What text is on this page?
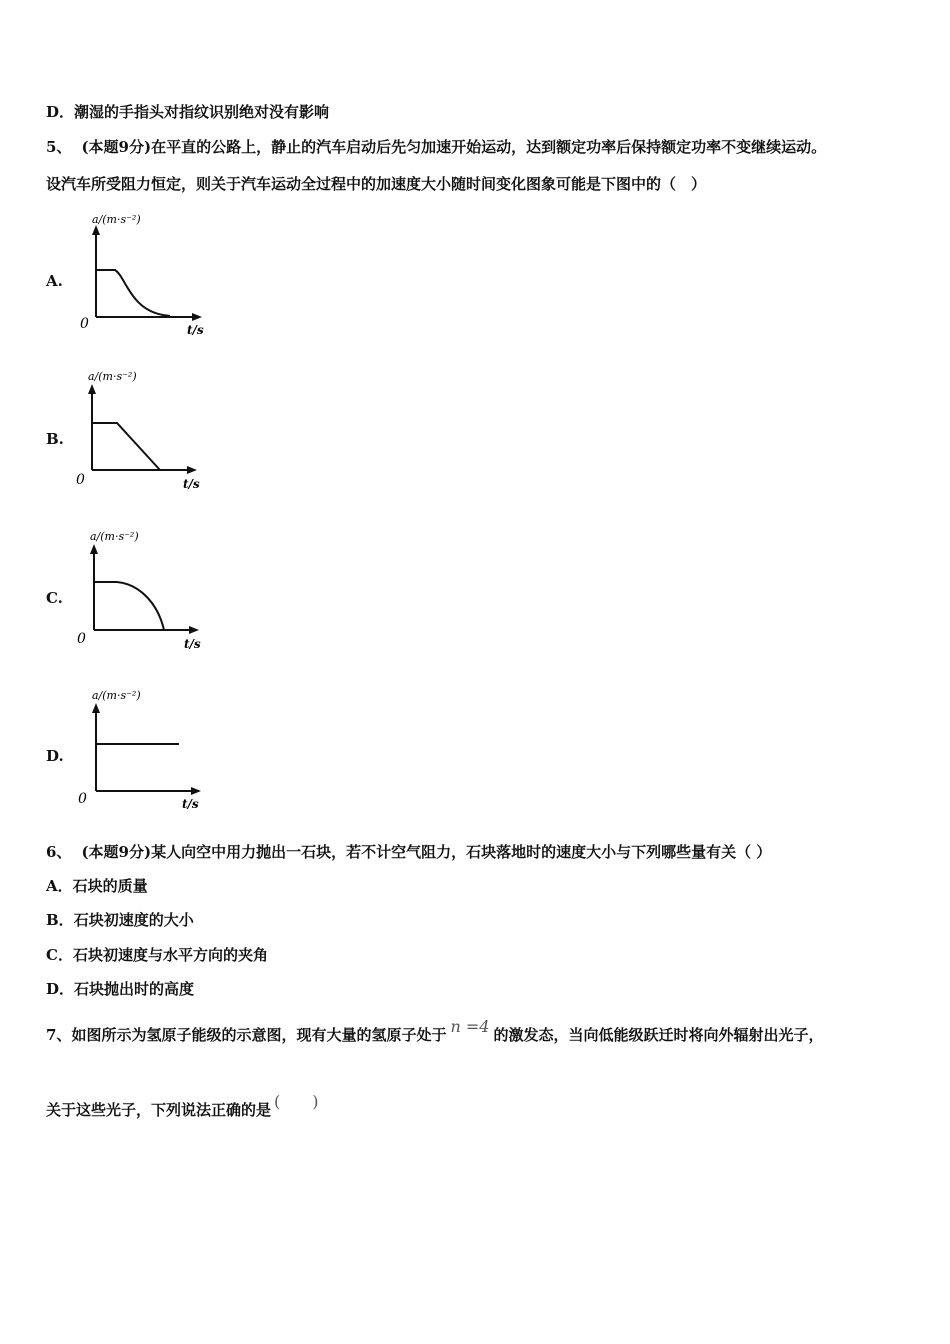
D．潮湿的手指头对指纹识别绝对没有影响
5、 (本题9分)在平直的公路上，静止的汽车启动后先匀加速开始运动，达到额定功率后保持额定功率不变继续运动。
设汽车所受阻力恒定，则关于汽车运动全过程中的加速度大小随时间变化图象可能是下图中的（　）
A.
a/(m·s⁻²)
0	t/s
B.
a/(m·s⁻²)
0	t/s
C.
a/(m·s⁻²)
0	t/s
D.
a/(m·s⁻²)
0	t/s
6、 (本题9分)某人向空中用力抛出一石块，若不计空气阻力，石块落地时的速度大小与下列哪些量有关（ ）
A．石块的质量
B．石块初速度的大小
C．石块初速度与水平方向的夹角
D．石块抛出时的高度
7、如图所示为氢原子能级的示意图，现有大量的氢原子处于 n =4 的激发态，当向低能级跃迁时将向外辐射出光子，
关于这些光子，下列说法正确的是 (　　)
